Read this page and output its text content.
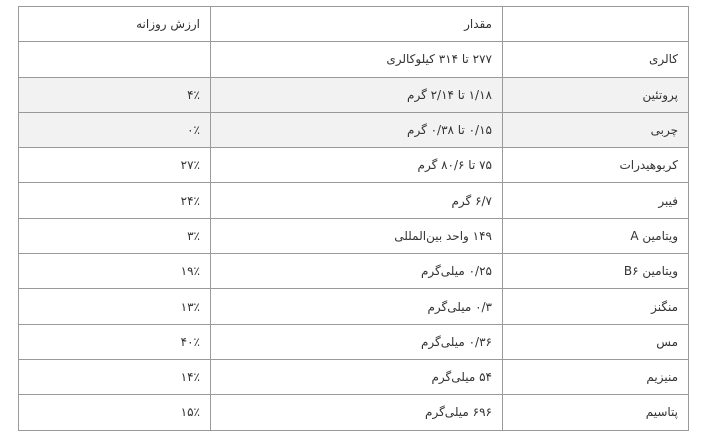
	مقدار	ارزش روزانه
کالری	۲۷۷ تا ۳۱۴ کیلوکالری	
پروتئین	۱/۱۸ تا ۲/۱۴ گرم	۴٪
چربی	۰/۱۵ تا ۰/۳۸ گرم	۰٪
کربوهیدرات	۷۵ تا ۸۰/۶ گرم	۲۷٪
فیبر	۶/۷ گرم	۲۴٪
ویتامین A	۱۴۹ واحد بین‌المللی	۳٪
ویتامین B۶	۰/۲۵ میلی‌گرم	۱۹٪
منگنز	۰/۳ میلی‌گرم	۱۳٪
مس	۰/۳۶ میلی‌گرم	۴۰٪
منیزیم	۵۴ میلی‌گرم	۱۴٪
پتاسیم	۶۹۶ میلی‌گرم	۱۵٪
